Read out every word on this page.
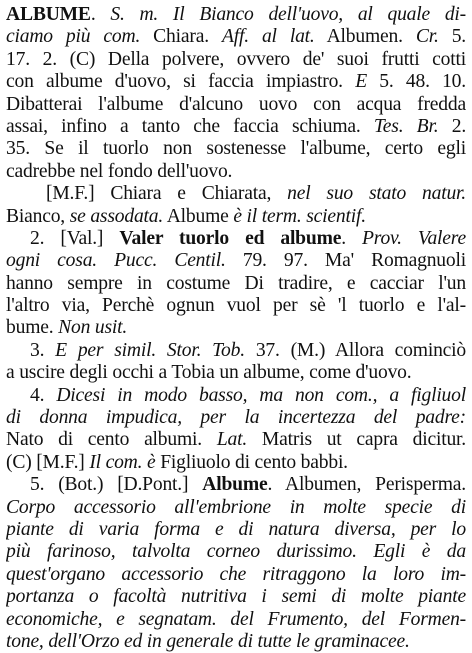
ALBUME. S. m. Il Bianco dell'uovo, al quale di-
ciamo più com. Chiara. Aff. al lat. Albumen. Cr. 5.
17. 2. (C) Della polvere, ovvero de' suoi frutti cotti
con albume d'uovo, si faccia impiastro. E 5. 48. 10.
Dibatterai l'albume d'alcuno uovo con acqua fredda
assai, infino a tanto che faccia schiuma. Tes. Br. 2.
35. Se il tuorlo non sostenesse l'albume, certo egli
cadrebbe nel fondo dell'uovo.
[M.F.] Chiara e Chiarata, nel suo stato natur.
Bianco, se assodata. Albume è il term. scientif.
2. [Val.] Valer tuorlo ed albume. Prov. Valere
ogni cosa. Pucc. Centil. 79. 97. Ma' Romagnuoli
hanno sempre in costume Di tradire, e cacciar l'un
l'altro via, Perchè ognun vuol per sè 'l tuorlo e l'al-
bume. Non usit.
3. E per simil. Stor. Tob. 37. (M.) Allora cominciò
a uscire degli occhi a Tobia un albume, come d'uovo.
4. Dicesi in modo basso, ma non com., a figliuol
di donna impudica, per la incertezza del padre:
Nato di cento albumi. Lat. Matris ut capra dicitur.
(C) [M.F.] Il com. è Figliuolo di cento babbi.
5. (Bot.) [D.Pont.] Albume. Albumen, Perisperma.
Corpo accessorio all'embrione in molte specie di
piante di varia forma e di natura diversa, per lo
più farinoso, talvolta corneo durissimo. Egli è da
quest'organo accessorio che ritraggono la loro im-
portanza o facoltà nutritiva i semi di molte piante
economiche, e segnatam. del Frumento, del Formen-
tone, dell'Orzo ed in generale di tutte le graminacee.
